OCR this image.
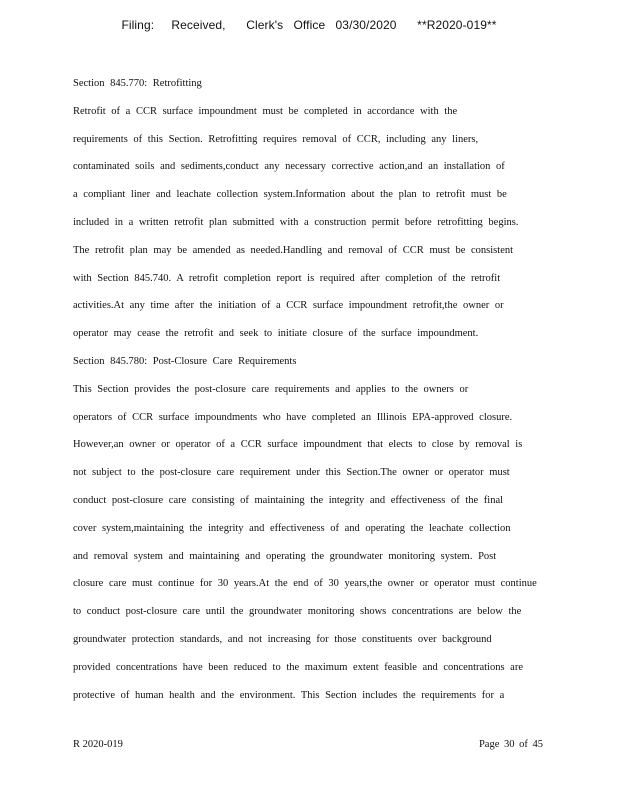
Filing:     Received,      Clerk's   Office   03/30/2020      **R2020-019**
Section 845.770: Retrofitting
Retrofit of a CCR surface impoundment must be completed in accordance with the
requirements of this Section. Retrofitting requires removal of CCR, including any liners,
contaminated soils and sediments,conduct any necessary corrective action,and an installation of
a compliant liner and leachate collection system.Information about the plan to retrofit must be
included in a written retrofit plan submitted with a construction permit before retrofitting begins.
The retrofit plan may be amended as needed.Handling and removal of CCR must be consistent
with Section 845.740. A retrofit completion report is required after completion of the retrofit
activities.At any time after the initiation of a CCR surface impoundment retrofit,the owner or
operator may cease the retrofit and seek to initiate closure of the surface impoundment.
Section 845.780: Post-Closure Care Requirements
This Section provides the post-closure care requirements and applies to the owners or
operators of CCR surface impoundments who have completed an Illinois EPA-approved closure.
However,an owner or operator of a CCR surface impoundment that elects to close by removal is
not subject to the post-closure care requirement under this Section.The owner or operator must
conduct post-closure care consisting of maintaining the integrity and effectiveness of the final
cover system,maintaining the integrity and effectiveness of and operating the leachate collection
and removal system and maintaining and operating the groundwater monitoring system. Post
closure care must continue for 30 years.At the end of 30 years,the owner or operator must continue
to conduct post-closure care until the groundwater monitoring shows concentrations are below the
groundwater protection standards, and not increasing for those constituents over background
provided concentrations have been reduced to the maximum extent feasible and concentrations are
protective of human health and the environment. This Section includes the requirements for a
R 2020-019	Page 30 of 45
